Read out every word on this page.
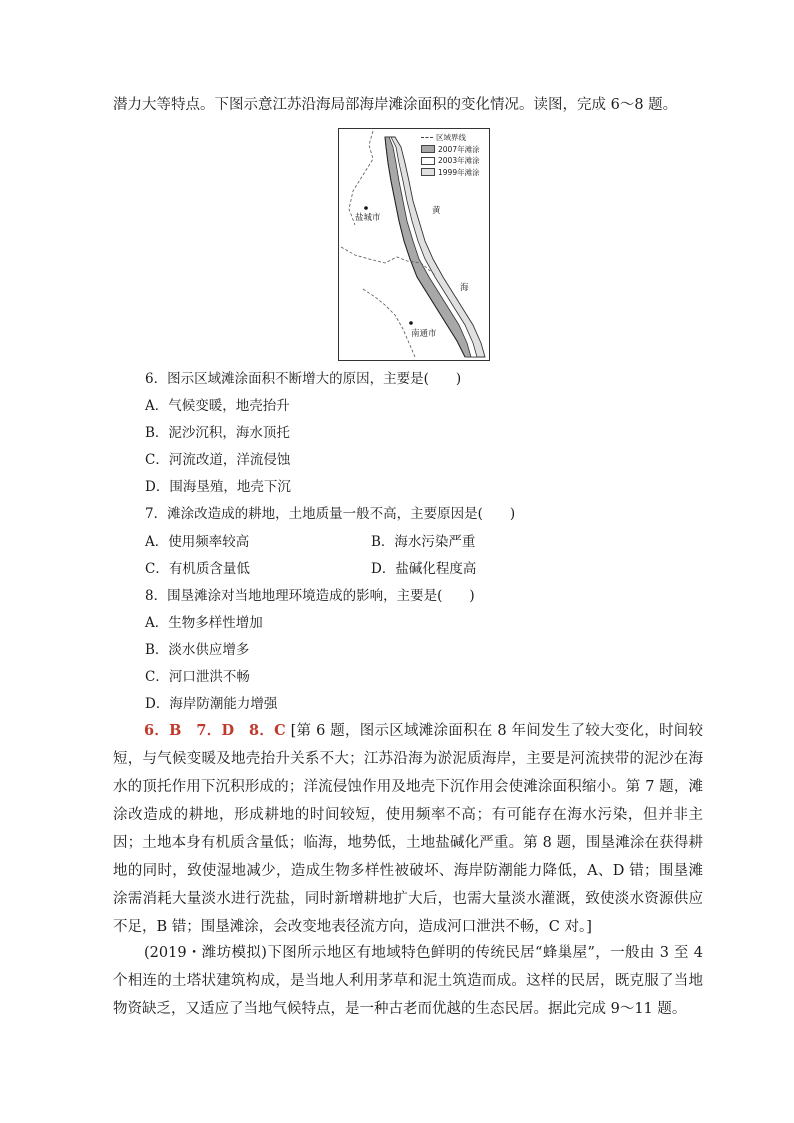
潜力大等特点。下图示意江苏沿海局部海岸滩涂面积的变化情况。读图，完成 6～8 题。
区域界线
2007年滩涂
2003年滩涂
1999年滩涂
盐城市
南通市
黄
海
6．图示区域滩涂面积不断增大的原因，主要是(　　)
A．气候变暖，地壳抬升
B．泥沙沉积，海水顶托
C．河流改道，洋流侵蚀
D．围海垦殖，地壳下沉
7．滩涂改造成的耕地，土地质量一般不高，主要原因是(　　)
A．使用频率较高	B．海水污染严重
C．有机质含量低	D．盐碱化程度高
8．围垦滩涂对当地地理环境造成的影响，主要是(　　)
A．生物多样性增加
B．淡水供应增多
C．河口泄洪不畅
D．海岸防潮能力增强
6．B　7．D　8．C [第 6 题，图示区域滩涂面积在 8 年间发生了较大变化，时间较短，与气候变暖及地壳抬升关系不大；江苏沿海为淤泥质海岸，主要是河流挟带的泥沙在海水的顶托作用下沉积形成的；洋流侵蚀作用及地壳下沉作用会使滩涂面积缩小。第 7 题，滩涂改造成的耕地，形成耕地的时间较短，使用频率不高；有可能存在海水污染，但并非主因；土地本身有机质含量低；临海，地势低，土地盐碱化严重。第 8 题，围垦滩涂在获得耕地的同时，致使湿地减少，造成生物多样性被破坏、海岸防潮能力降低，A、D 错；围垦滩涂需消耗大量淡水进行洗盐，同时新增耕地扩大后，也需大量淡水灌溉，致使淡水资源供应不足，B 错；围垦滩涂，会改变地表径流方向，造成河口泄洪不畅，C 对。]
(2019・潍坊模拟)下图所示地区有地域特色鲜明的传统民居“蜂巢屋”，一般由 3 至 4 个相连的土塔状建筑构成，是当地人利用茅草和泥土筑造而成。这样的民居，既克服了当地物资缺乏，又适应了当地气候特点，是一种古老而优越的生态民居。据此完成 9～11 题。
